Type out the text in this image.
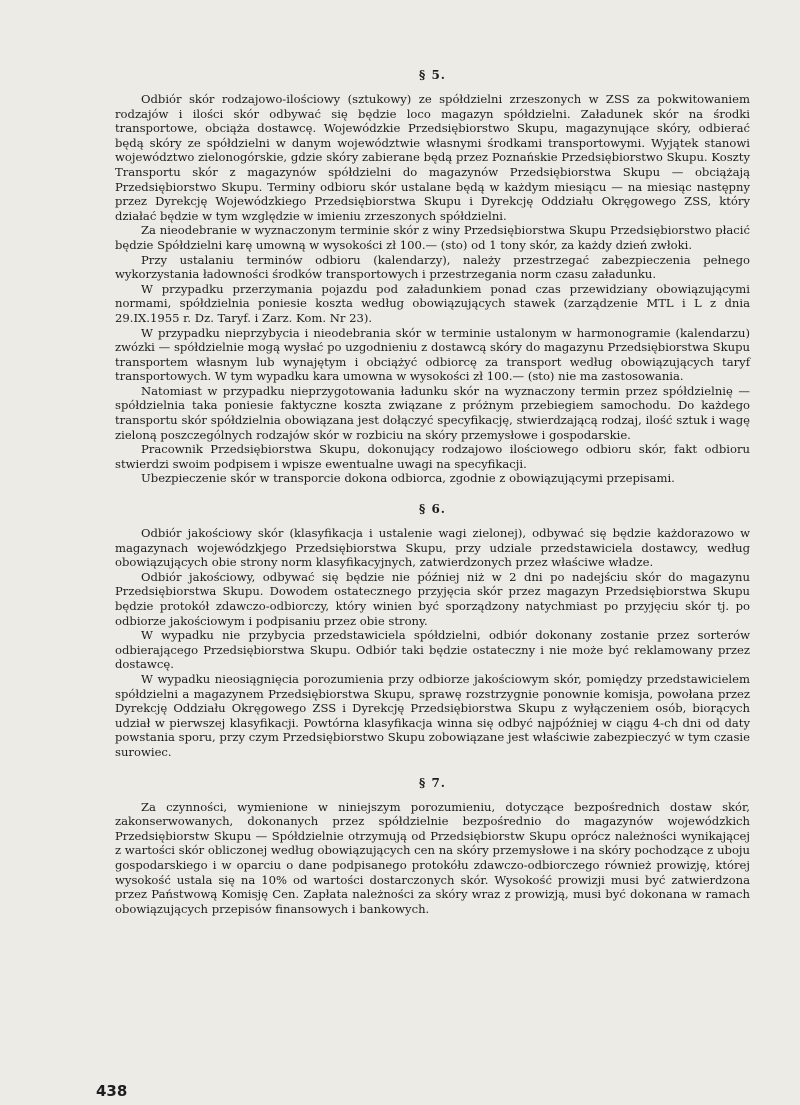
§ 5.

Odbiór skór rodzajowo-ilościowy (sztukowy) ze spółdzielni zrzeszonych w ZSS za pokwitowaniem rodzajów i ilości skór odbywać się będzie loco magazyn spółdzielni. Załadunek skór na środki transportowe, obciąża dostawcę. Wojewódzkie Przedsiębiorstwo Skupu, magazynujące skóry, odbierać będą skóry ze spółdzielni w danym województwie własnymi środkami transportowymi. Wyjątek stanowi województwo zielonogórskie, gdzie skóry zabierane będą przez Poznańskie Przedsiębiorstwo Skupu. Koszty Transportu skór z magazynów spółdzielni do magazynów Przedsiębiorstwa Skupu — obciążają Przedsiębiorstwo Skupu. Terminy odbioru skór ustalane będą w każdym miesiącu — na miesiąc następny przez Dyrekcję Wojewódzkiego Przedsiębiorstwa Skupu i Dyrekcję Oddziału Okręgowego ZSS, który działać będzie w tym względzie w imieniu zrzeszonych spółdzielni.

Za nieodebranie w wyznaczonym terminie skór z winy Przedsiębiorstwa Skupu Przedsiębiorstwo płacić będzie Spółdzielni karę umowną w wysokości zł 100.— (sto) od 1 tony skór, za każdy dzień zwłoki.

Przy ustalaniu terminów odbioru (kalendarzy), należy przestrzegać zabezpieczenia pełnego wykorzystania ładowności środków transportowych i przestrzegania norm czasu załadunku.

W przypadku przerzymania pojazdu pod załadunkiem ponad czas przewidziany obowiązującymi normami, spółdzielnia poniesie koszta według obowiązujących stawek (zarządzenie MTL i L z dnia 29.IX.1955 r. Dz. Taryf. i Zarz. Kom. Nr 23).

W przypadku nieprzybycia i nieodebrania skór w terminie ustalonym w harmonogramie (kalendarzu) zwózki — spółdzielnie mogą wysłać po uzgodnieniu z dostawcą skóry do magazynu Przedsiębiorstwa Skupu transportem własnym lub wynajętym i obciążyć odbiorcę za transport według obowiązujących taryf transportowych. W tym wypadku kara umowna w wysokości zł 100.— (sto) nie ma zastosowania.

Natomiast w przypadku nieprzygotowania ładunku skór na wyznaczony termin przez spółdzielnię — spółdzielnia taka poniesie faktyczne koszta związane z próżnym przebiegiem samochodu. Do każdego transportu skór spółdzielnia obowiązana jest dołączyć specyfikację, stwierdzającą rodzaj, ilość sztuk i wagę zieloną poszczególnych rodzajów skór w rozbiciu na skóry przemysłowe i gospodarskie.

Pracownik Przedsiębiorstwa Skupu, dokonujący rodzajowo ilościowego odbioru skór, fakt odbioru stwierdzi swoim podpisem i wpisze ewentualne uwagi na specyfikacji.

Ubezpieczenie skór w transporcie dokona odbiorca, zgodnie z obowiązującymi przepisami.

§ 6.

Odbiór jakościowy skór (klasyfikacja i ustalenie wagi zielonej), odbywać się będzie każdorazowo w magazynach wojewódzkjego Przedsiębiorstwa Skupu, przy udziale przedstawiciela dostawcy, według obowiązujących obie strony norm klasyfikacyjnych, zatwierdzonych przez właściwe władze.

Odbiór jakościowy, odbywać się będzie nie później niż w 2 dni po nadejściu skór do magazynu Przedsiębiorstwa Skupu. Dowodem ostatecznego przyjęcia skór przez magazyn Przedsiębiorstwa Skupu będzie protokół zdawczo-odbiorczy, który winien być sporządzony natychmiast po przyjęciu skór tj. po odbiorze jakościowym i podpisaniu przez obie strony.

W wypadku nie przybycia przedstawiciela spółdzielni, odbiór dokonany zostanie przez sorterów odbierającego Przedsiębiorstwa Skupu. Odbiór taki będzie ostateczny i nie może być reklamowany przez dostawcę.

W wypadku nieosiągnięcia porozumienia przy odbiorze jakościowym skór, pomiędzy przedstawicielem spółdzielni a magazynem Przedsiębiorstwa Skupu, sprawę rozstrzygnie ponownie komisja, powołana przez Dyrekcję Oddziału Okręgowego ZSS i Dyrekcję Przedsiębiorstwa Skupu z wyłączeniem osób, biorących udział w pierwszej klasyfikacji. Powtórna klasyfikacja winna się odbyć najpóźniej w ciągu 4-ch dni od daty powstania sporu, przy czym Przedsiębiorstwo Skupu zobowiązane jest właściwie zabezpieczyć w tym czasie surowiec.

§ 7.

Za czynności, wymienione w niniejszym porozumieniu, dotyczące bezpośrednich dostaw skór, zakonserwowanych, dokonanych przez spółdzielnie bezpośrednio do magazynów wojewódzkich Przedsiębiorstw Skupu — Spółdzielnie otrzymują od Przedsiębiorstw Skupu oprócz należności wynikającej z wartości skór obliczonej według obowiązujących cen na skóry przemysłowe i na skóry pochodzące z uboju gospodarskiego i w oparciu o dane podpisanego protokółu zdawczo-odbiorczego również prowizję, której wysokość ustala się na 10% od wartości dostarczonych skór. Wysokość prowizji musi być zatwierdzona przez Państwową Komisję Cen. Zapłata należności za skóry wraz z prowizją, musi być dokonana w ramach obowiązujących przepisów finansowych i bankowych.

438
